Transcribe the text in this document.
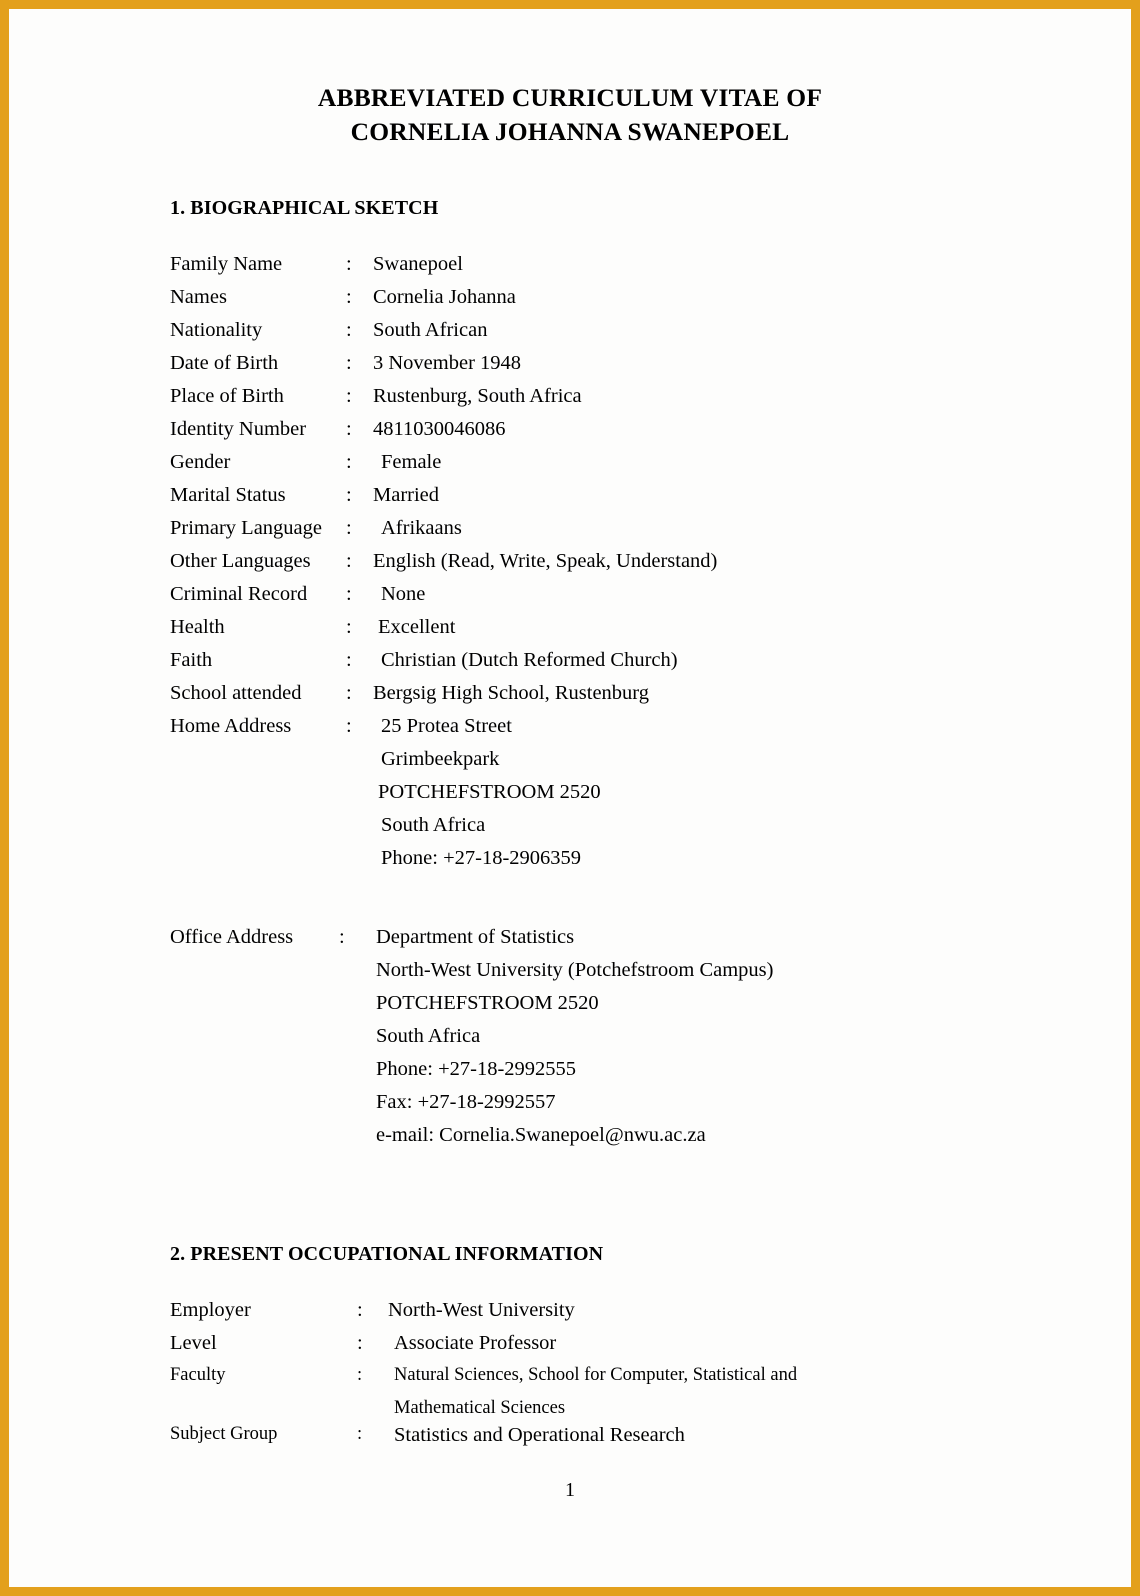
ABBREVIATED CURRICULUM VITAE OF
CORNELIA JOHANNA SWANEPOEL
1. BIOGRAPHICAL SKETCH
Family Name	: Swanepoel
Names	: Cornelia Johanna
Nationality	: South African
Date of Birth	: 3 November 1948
Place of Birth	: Rustenburg, South Africa
Identity Number : 4811030046086
Gender	: Female
Marital Status	: Married
Primary Language : Afrikaans
Other Languages : English (Read, Write, Speak, Understand)
Criminal Record : None
Health	: Excellent
Faith	: Christian (Dutch Reformed Church)
School attended : Bergsig High School, Rustenburg
Home Address	: 25 Protea Street
Grimbeekpark
POTCHEFSTROOM 2520
South Africa
Phone: +27-18-2906359
Office Address : Department of Statistics
North-West University (Potchefstroom Campus)
POTCHEFSTROOM 2520
South Africa
Phone: +27-18-2992555
Fax: +27-18-2992557
e-mail: Cornelia.Swanepoel@nwu.ac.za
2. PRESENT OCCUPATIONAL INFORMATION
Employer	: North-West University
Level	: Associate Professor
Faculty	: Natural Sciences, School for Computer, Statistical and
Mathematical Sciences
Subject Group	: Statistics and Operational Research
1
